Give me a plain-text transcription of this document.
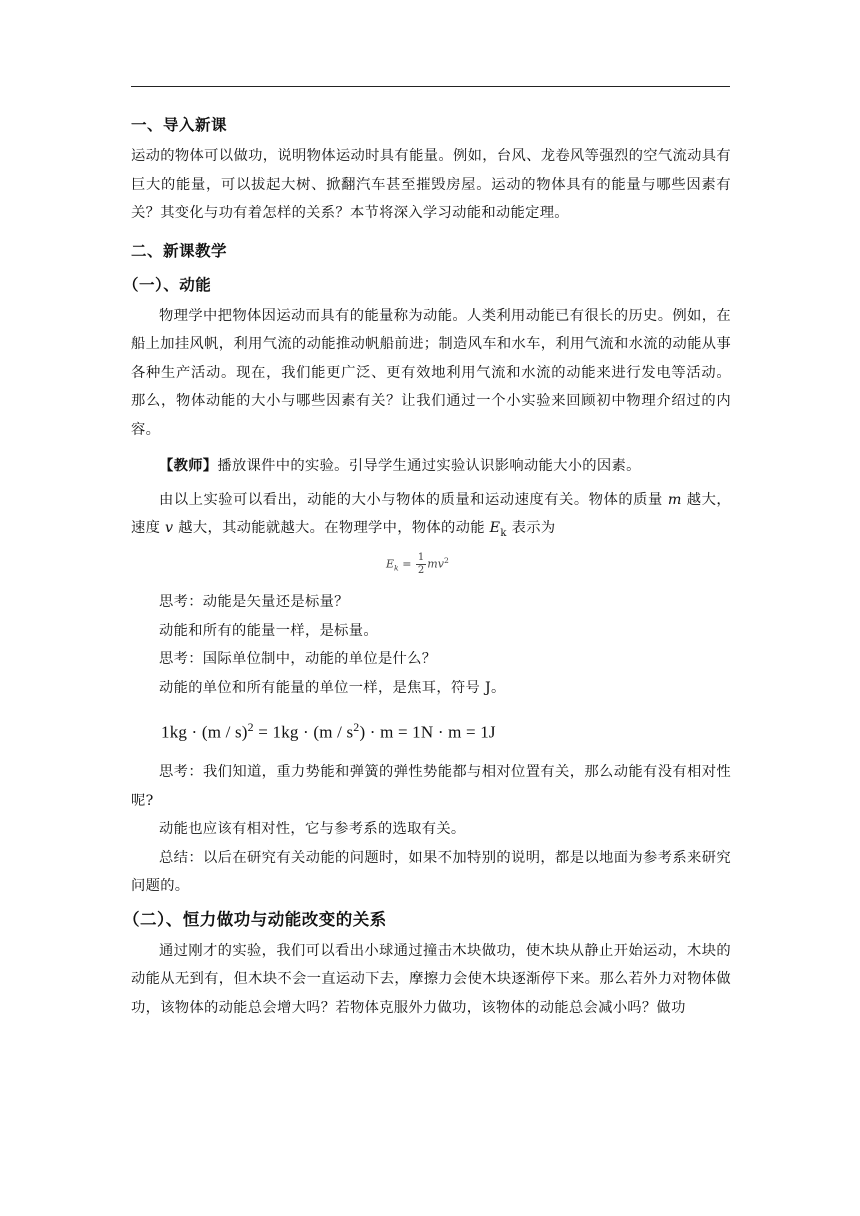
一、导入新课

运动的物体可以做功，说明物体运动时具有能量。例如，台风、龙卷风等强烈的空气流动具有巨大的能量，可以拔起大树、掀翻汽车甚至摧毁房屋。运动的物体具有的能量与哪些因素有关？其变化与功有着怎样的关系？本节将深入学习动能和动能定理。

二、新课教学
（一）、动能

物理学中把物体因运动而具有的能量称为动能。人类利用动能已有很长的历史。例如，在船上加挂风帆，利用气流的动能推动帆船前进；制造风车和水车，利用气流和水流的动能从事各种生产活动。现在，我们能更广泛、更有效地利用气流和水流的动能来进行发电等活动。 那么，物体动能的大小与哪些因素有关？让我们通过一个小实验来回顾初中物理介绍过的内容。

【教师】播放课件中的实验。引导学生通过实验认识影响动能大小的因素。

由以上实验可以看出，动能的大小与物体的质量和运动速度有关。物体的质量 m 越大，速度 v 越大，其动能就越大。在物理学中，物体的动能 $E_k$ 表示为

$E_k = \frac{1}{2} mv^2$

思考：动能是矢量还是标量？

动能和所有的能量一样，是标量。

思考：国际单位制中，动能的单位是什么？

动能的单位和所有能量的单位一样，是焦耳，符号 J。

$1kg \cdot (m / s)^2 = 1kg \cdot (m / s^2) \cdot m = 1N \cdot m = 1J$

思考：我们知道，重力势能和弹簧的弹性势能都与相对位置有关，那么动能有没有相对性呢?

动能也应该有相对性，它与参考系的选取有关。

总结：以后在研究有关动能的问题时，如果不加特别的说明，都是以地面为参考系来研究问题的。

（二）、恒力做功与动能改变的关系

通过刚才的实验，我们可以看出小球通过撞击木块做功，使木块从静止开始运动，木块的动能从无到有，但木块不会一直运动下去，摩擦力会使木块逐渐停下来。那么若外力对物体做功，该物体的动能总会增大吗？若物体克服外力做功，该物体的动能总会减小吗？做功
